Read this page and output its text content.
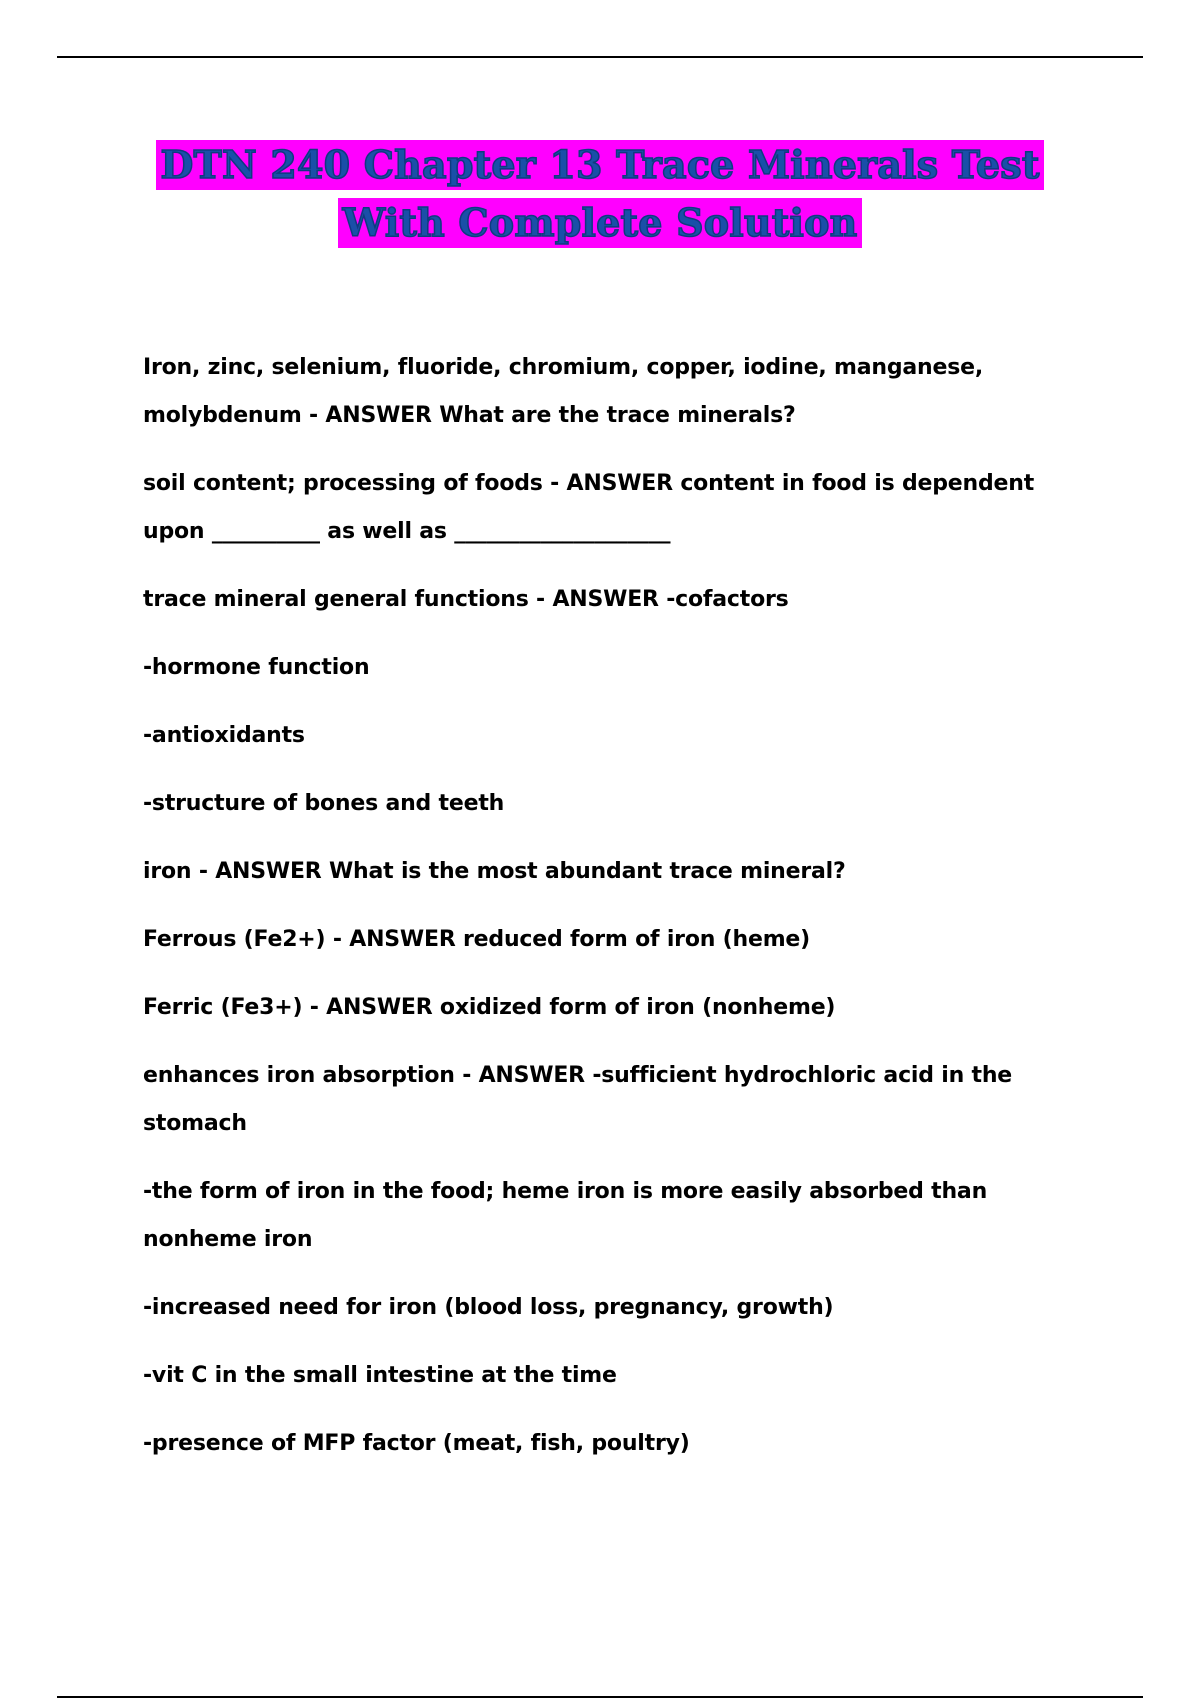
DTN 240 Chapter 13 Trace Minerals Test
With Complete Solution

Iron, zinc, selenium, fluoride, chromium, copper, iodine, manganese, molybdenum - ANSWER What are the trace minerals?

soil content; processing of foods - ANSWER content in food is dependent upon __________ as well as ____________________

trace mineral general functions - ANSWER -cofactors

-hormone function

-antioxidants

-structure of bones and teeth

iron - ANSWER What is the most abundant trace mineral?

Ferrous (Fe2+) - ANSWER reduced form of iron (heme)

Ferric (Fe3+) - ANSWER oxidized form of iron (nonheme)

enhances iron absorption - ANSWER -sufficient hydrochloric acid in the stomach

-the form of iron in the food; heme iron is more easily absorbed than nonheme iron

-increased need for iron (blood loss, pregnancy, growth)

-vit C in the small intestine at the time

-presence of MFP factor (meat, fish, poultry)
